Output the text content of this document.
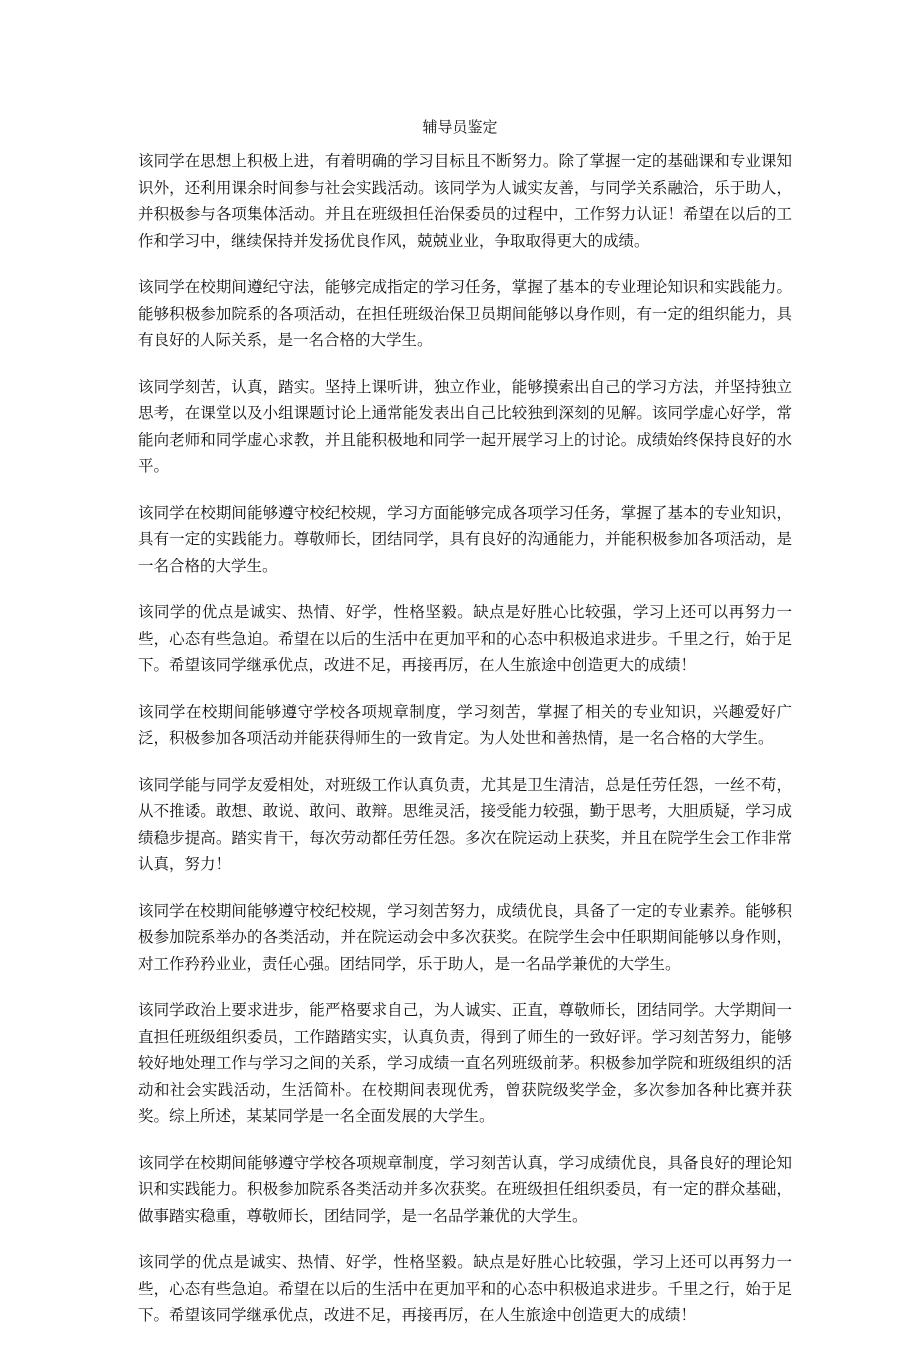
辅导员鉴定

该同学在思想上积极上进，有着明确的学习目标且不断努力。除了掌握一定的基础课和专业课知识外，还利用课余时间参与社会实践活动。该同学为人诚实友善，与同学关系融洽，乐于助人，并积极参与各项集体活动。并且在班级担任治保委员的过程中，工作努力认证！希望在以后的工作和学习中，继续保持并发扬优良作风，兢兢业业，争取取得更大的成绩。

该同学在校期间遵纪守法，能够完成指定的学习任务，掌握了基本的专业理论知识和实践能力。能够积极参加院系的各项活动，在担任班级治保卫员期间能够以身作则，有一定的组织能力，具有良好的人际关系，是一名合格的大学生。

该同学刻苦，认真，踏实。坚持上课听讲，独立作业，能够摸索出自己的学习方法，并坚持独立思考，在课堂以及小组课题讨论上通常能发表出自己比较独到深刻的见解。该同学虚心好学，常能向老师和同学虚心求教，并且能积极地和同学一起开展学习上的讨论。成绩始终保持良好的水平。

该同学在校期间能够遵守校纪校规，学习方面能够完成各项学习任务，掌握了基本的专业知识，具有一定的实践能力。尊敬师长，团结同学，具有良好的沟通能力，并能积极参加各项活动，是一名合格的大学生。

该同学的优点是诚实、热情、好学，性格坚毅。缺点是好胜心比较强，学习上还可以再努力一些，心态有些急迫。希望在以后的生活中在更加平和的心态中积极追求进步。千里之行，始于足下。希望该同学继承优点，改进不足，再接再厉，在人生旅途中创造更大的成绩！

该同学在校期间能够遵守学校各项规章制度，学习刻苦，掌握了相关的专业知识，兴趣爱好广泛，积极参加各项活动并能获得师生的一致肯定。为人处世和善热情，是一名合格的大学生。

该同学能与同学友爱相处，对班级工作认真负责，尤其是卫生清洁，总是任劳任怨，一丝不苟，从不推诿。敢想、敢说、敢问、敢辩。思维灵活，接受能力较强，勤于思考，大胆质疑，学习成绩稳步提高。踏实肯干，每次劳动都任劳任怨。多次在院运动上获奖，并且在院学生会工作非常认真，努力！

该同学在校期间能够遵守校纪校规，学习刻苦努力，成绩优良，具备了一定的专业素养。能够积极参加院系举办的各类活动，并在院运动会中多次获奖。在院学生会中任职期间能够以身作则，对工作矜矜业业，责任心强。团结同学，乐于助人，是一名品学兼优的大学生。

该同学政治上要求进步，能严格要求自己，为人诚实、正直，尊敬师长，团结同学。大学期间一直担任班级组织委员，工作踏踏实实，认真负责，得到了师生的一致好评。学习刻苦努力，能够较好地处理工作与学习之间的关系，学习成绩一直名列班级前茅。积极参加学院和班级组织的活动和社会实践活动，生活简朴。在校期间表现优秀，曾获院级奖学金，多次参加各种比赛并获奖。综上所述，某某同学是一名全面发展的大学生。

该同学在校期间能够遵守学校各项规章制度，学习刻苦认真，学习成绩优良，具备良好的理论知识和实践能力。积极参加院系各类活动并多次获奖。在班级担任组织委员，有一定的群众基础，做事踏实稳重，尊敬师长，团结同学，是一名品学兼优的大学生。

该同学的优点是诚实、热情、好学，性格坚毅。缺点是好胜心比较强，学习上还可以再努力一些，心态有些急迫。希望在以后的生活中在更加平和的心态中积极追求进步。千里之行，始于足下。希望该同学继承优点，改进不足，再接再厉，在人生旅途中创造更大的成绩！
